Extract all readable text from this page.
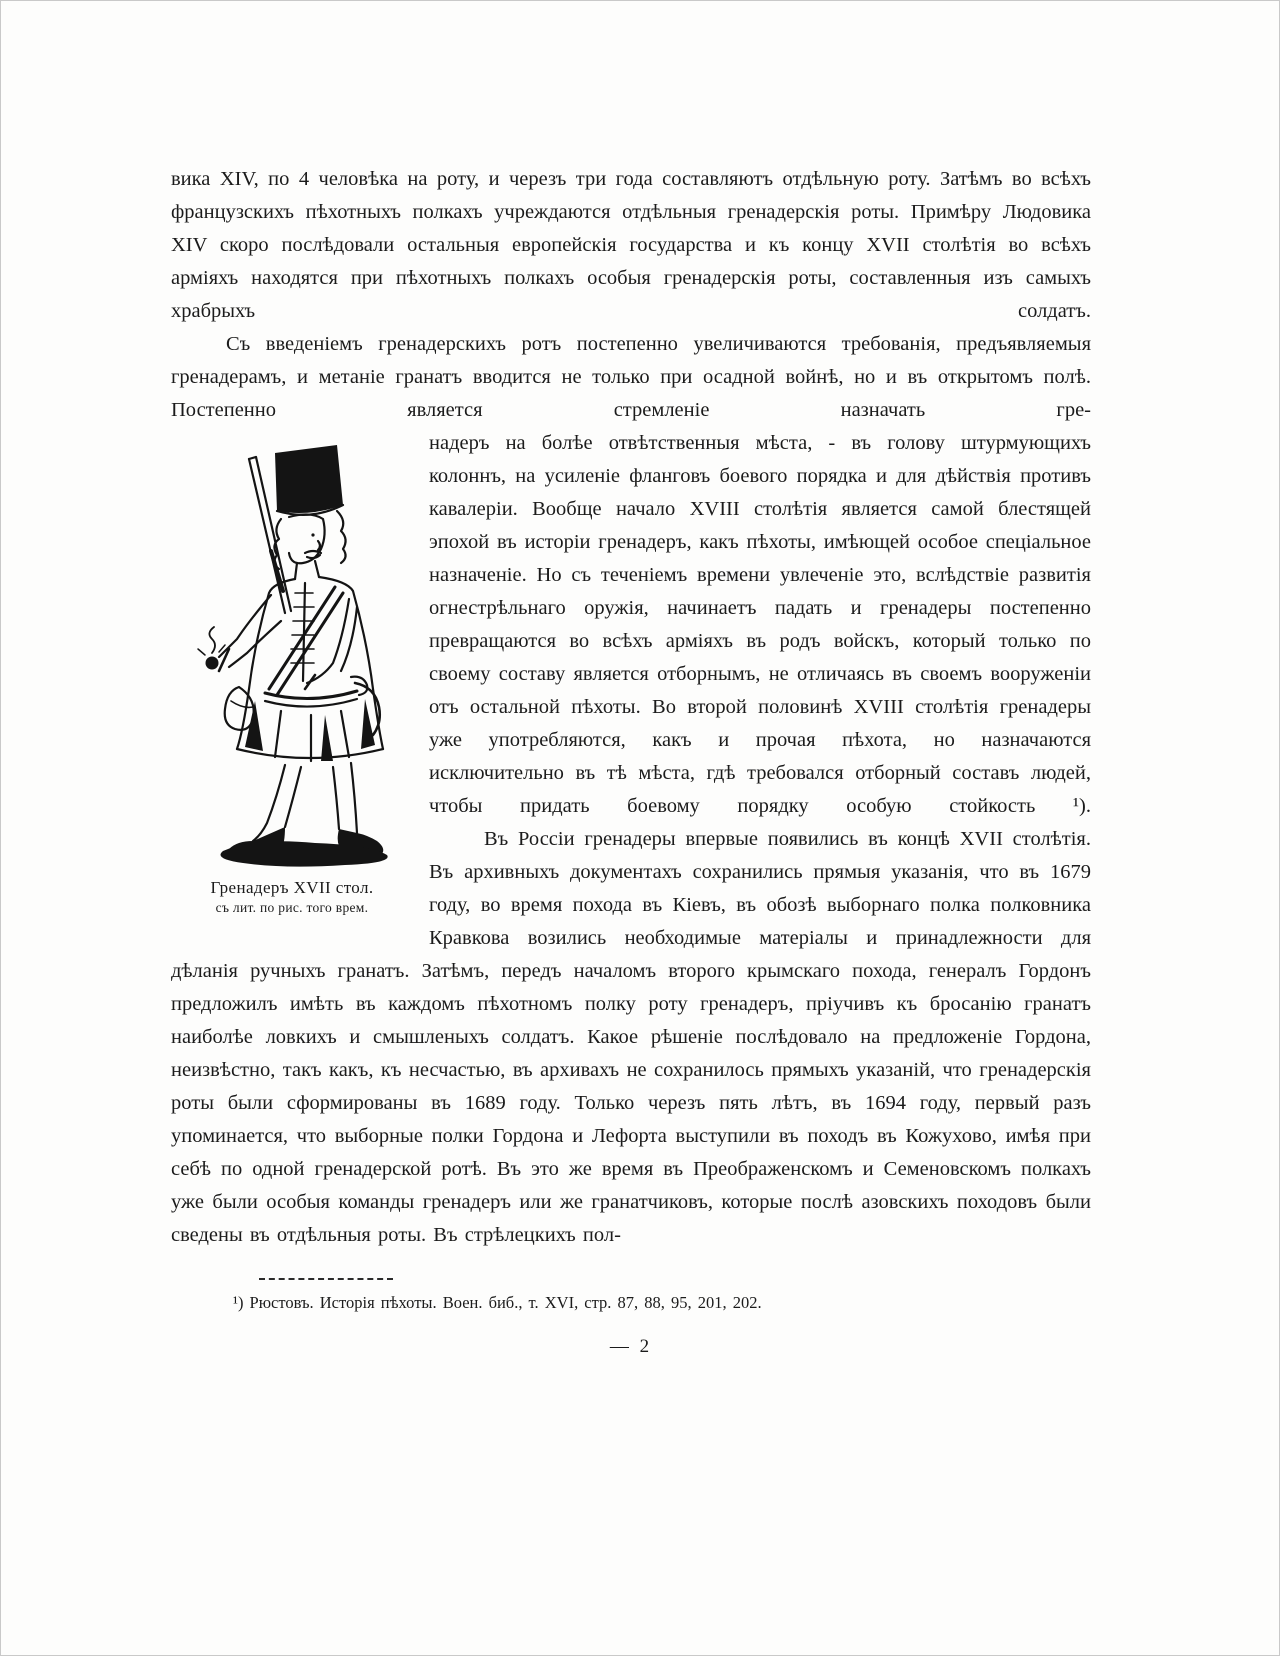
вика XIV, по 4 человѣка на роту, и черезъ три года составляютъ отдѣльную роту. Затѣмъ во всѣхъ французскихъ пѣхотныхъ полкахъ учреждаются отдѣльныя гренадерскія роты. Примѣру Людовика XIV скоро послѣдовали остальныя европейскія государства и къ концу XVII столѣтія во всѣхъ арміяхъ находятся при пѣхотныхъ полкахъ особыя гренадерскія роты, составленныя изъ самыхъ храбрыхъ солдатъ.

Съ введеніемъ гренадерскихъ ротъ постепенно увеличиваются требованія, предъявляемыя гренадерамъ, и метаніе гранатъ вводится не только при осадной войнѣ, но и въ открытомъ полѣ. Постепенно является стремленіе назначать гре-

Гренадеръ XVII стол.
съ лит. по рис. того врем.

надеръ на болѣе отвѣтственныя мѣста, - въ голову штурмующихъ колоннъ, на усиленіе фланговъ боевого порядка и для дѣйствія противъ кавалеріи. Вообще начало XVIII столѣтія является самой блестящей эпохой въ исторіи гренадеръ, какъ пѣхоты, имѣющей особое спеціальное назначеніе. Но съ теченіемъ времени увлеченіе это, вслѣдствіе развитія огнестрѣльнаго оружія, начинаетъ падать и гренадеры постепенно превращаются во всѣхъ арміяхъ въ родъ войскъ, который только по своему составу является отборнымъ, не отличаясь въ своемъ вооруженіи отъ остальной пѣхоты. Во второй половинѣ XVIII столѣтія гренадеры уже употребляются, какъ и прочая пѣхота, но назначаются исключительно въ тѣ мѣста, гдѣ требовался отборный составъ людей, чтобы придать боевому порядку особую стойкость ¹).

Въ Россіи гренадеры впервые появились въ концѣ XVII столѣтія. Въ архивныхъ документахъ сохранились прямыя указанія, что въ 1679 году, во время похода въ Кіевъ, въ обозѣ выборнаго полка полковника Кравкова возились необходимые матеріалы и принадлежности для дѣланія ручныхъ гранатъ. Затѣмъ, передъ началомъ второго крымскаго похода, генералъ Гордонъ предложилъ имѣть въ каждомъ пѣхотномъ полку роту гренадеръ, пріучивъ къ бросанію гранатъ наиболѣе ловкихъ и смышленыхъ солдатъ. Какое рѣшеніе послѣдовало на предложеніе Гордона, неизвѣстно, такъ какъ, къ несчастью, въ архивахъ не сохранилось прямыхъ указаній, что гренадерскія роты были сформированы въ 1689 году. Только черезъ пять лѣтъ, въ 1694 году, первый разъ упоминается, что выборные полки Гордона и Лефорта выступили въ походъ въ Кожухово, имѣя при себѣ по одной гренадерской ротѣ. Въ это же время въ Преображенскомъ и Семеновскомъ полкахъ уже были особыя команды гренадеръ или же гранатчиковъ, которые послѣ азовскихъ походовъ были сведены въ отдѣльныя роты. Въ стрѣлецкихъ пол-

¹) Рюстовъ. Исторія пѣхоты. Воен. биб., т. XVI, стр. 87, 88, 95, 201, 202.

— 2
